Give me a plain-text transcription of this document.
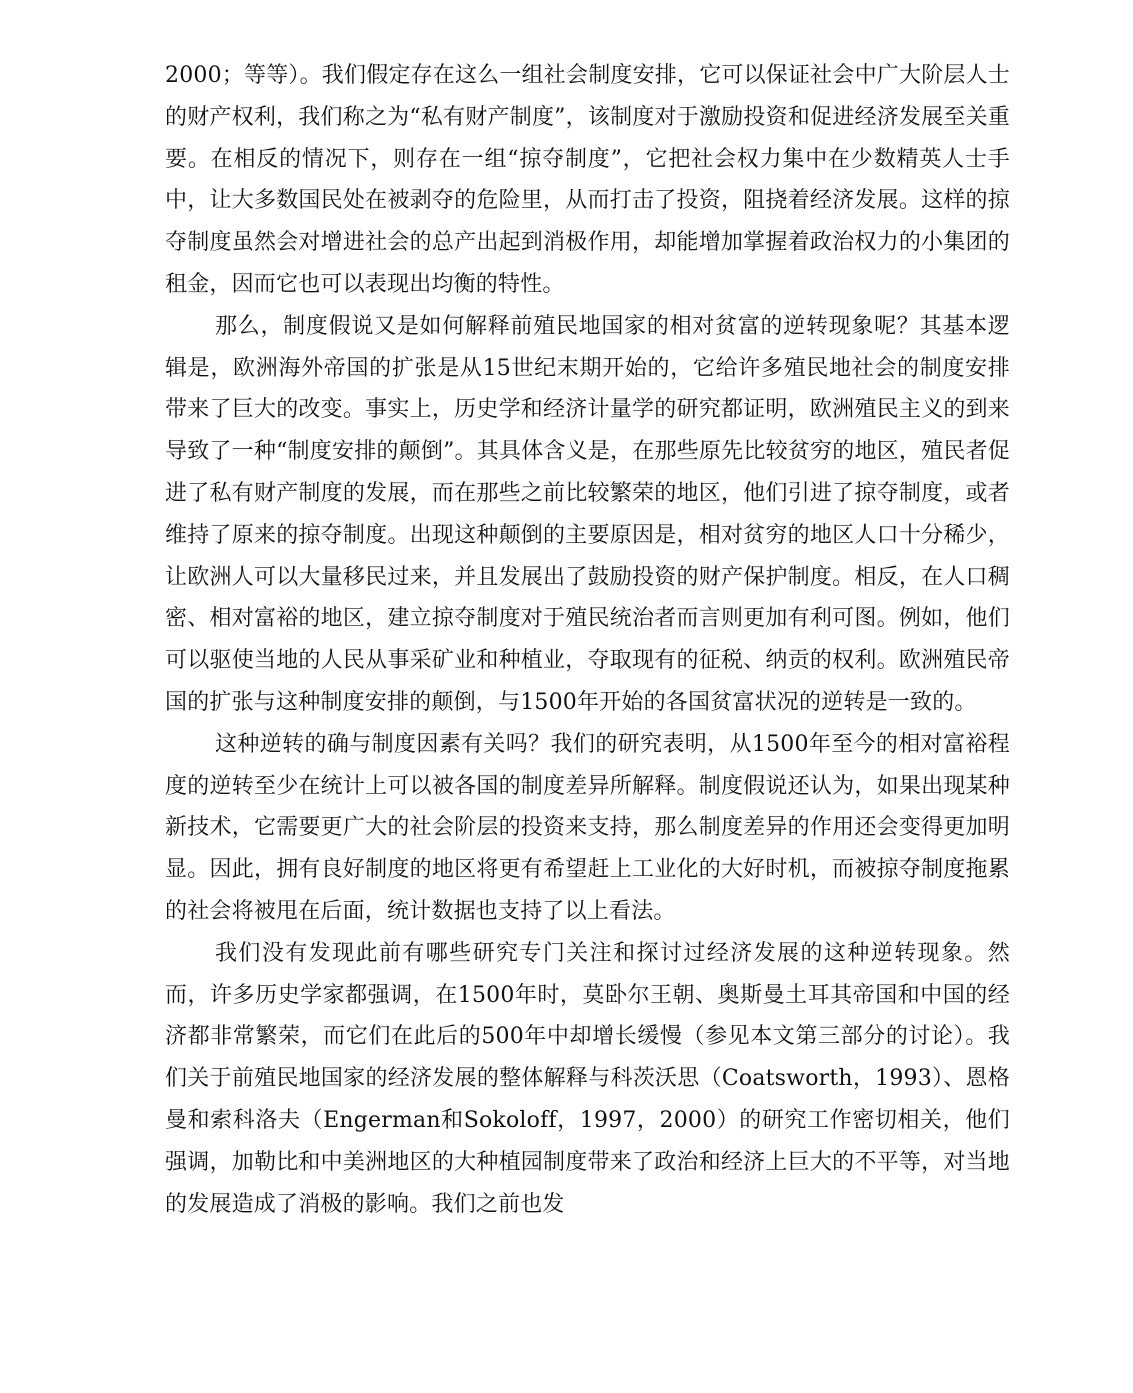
2000；等等）。我们假定存在这么一组社会制度安排，它可以保证社会中广大阶层人士的财产权利，我们称之为“私有财产制度”，该制度对于激励投资和促进经济发展至关重要。在相反的情况下，则存在一组“掠夺制度”，它把社会权力集中在少数精英人士手中，让大多数国民处在被剥夺的危险里，从而打击了投资，阻挠着经济发展。这样的掠夺制度虽然会对增进社会的总产出起到消极作用，却能增加掌握着政治权力的小集团的租金，因而它也可以表现出均衡的特性。

那么，制度假说又是如何解释前殖民地国家的相对贫富的逆转现象呢？其基本逻辑是，欧洲海外帝国的扩张是从15世纪末期开始的，它给许多殖民地社会的制度安排带来了巨大的改变。事实上，历史学和经济计量学的研究都证明，欧洲殖民主义的到来导致了一种“制度安排的颠倒”。其具体含义是，在那些原先比较贫穷的地区，殖民者促进了私有财产制度的发展，而在那些之前比较繁荣的地区，他们引进了掠夺制度，或者维持了原来的掠夺制度。出现这种颠倒的主要原因是，相对贫穷的地区人口十分稀少，让欧洲人可以大量移民过来，并且发展出了鼓励投资的财产保护制度。相反，在人口稠密、相对富裕的地区，建立掠夺制度对于殖民统治者而言则更加有利可图。例如，他们可以驱使当地的人民从事采矿业和种植业，夺取现有的征税、纳贡的权利。欧洲殖民帝国的扩张与这种制度安排的颠倒，与1500年开始的各国贫富状况的逆转是一致的。

这种逆转的确与制度因素有关吗？我们的研究表明，从1500年至今的相对富裕程度的逆转至少在统计上可以被各国的制度差异所解释。制度假说还认为，如果出现某种新技术，它需要更广大的社会阶层的投资来支持，那么制度差异的作用还会变得更加明显。因此，拥有良好制度的地区将更有希望赶上工业化的大好时机，而被掠夺制度拖累的社会将被甩在后面，统计数据也支持了以上看法。

我们没有发现此前有哪些研究专门关注和探讨过经济发展的这种逆转现象。然而，许多历史学家都强调，在1500年时，莫卧尔王朝、奥斯曼土耳其帝国和中国的经济都非常繁荣，而它们在此后的500年中却增长缓慢（参见本文第三部分的讨论）。我们关于前殖民地国家的经济发展的整体解释与科茨沃思（Coatsworth，1993）、恩格曼和索科洛夫（Engerman和Sokoloff，1997，2000）的研究工作密切相关，他们强调，加勒比和中美洲地区的大种植园制度带来了政治和经济上巨大的不平等，对当地的发展造成了消极的影响。我们之前也发
